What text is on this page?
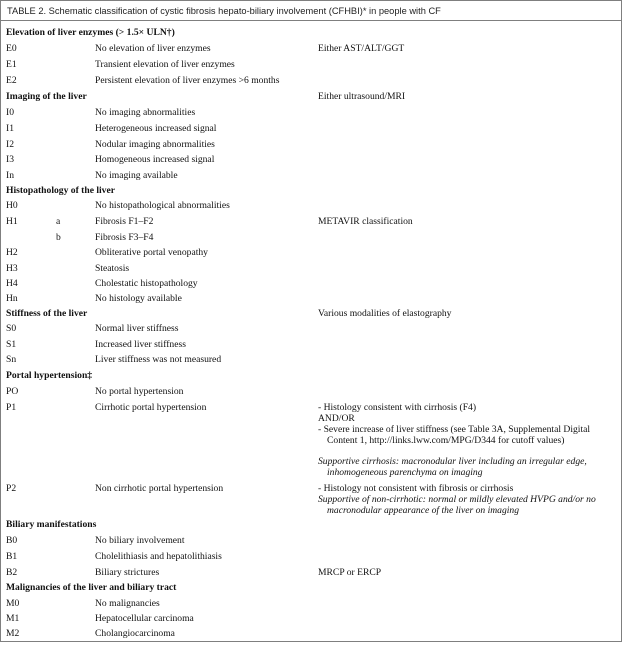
TABLE 2. Schematic classification of cystic fibrosis hepato-biliary involvement (CFHBI)* in people with CF
Elevation of liver enzymes (> 1.5× ULN†)
E0	No elevation of liver enzymes	Either AST/ALT/GGT
E1	Transient elevation of liver enzymes
E2	Persistent elevation of liver enzymes >6 months
Imaging of the liver	Either ultrasound/MRI
I0	No imaging abnormalities
I1	Heterogeneous increased signal
I2	Nodular imaging abnormalities
I3	Homogeneous increased signal
In	No imaging available
Histopathology of the liver
H0	No histopathological abnormalities
H1	a	Fibrosis F1–F2	METAVIR classification
b	Fibrosis F3–F4
H2	Obliterative portal venopathy
H3	Steatosis
H4	Cholestatic histopathology
Hn	No histology available
Stiffness of the liver	Various modalities of elastography
S0	Normal liver stiffness
S1	Increased liver stiffness
Sn	Liver stiffness was not measured
Portal hypertension‡
PO	No portal hypertension
P1	Cirrhotic portal hypertension	- Histology consistent with cirrhosis (F4)
AND/OR
- Severe increase of liver stiffness (see Table 3A, Supplemental Digital
Content 1, http://links.lww.com/MPG/D344 for cutoff values)
Supportive cirrhosis: macronodular liver including an irregular edge,
inhomogeneous parenchyma on imaging
P2	Non cirrhotic portal hypertension	- Histology not consistent with fibrosis or cirrhosis
Supportive of non-cirrhotic: normal or mildly elevated HVPG and/or no
macronodular appearance of the liver on imaging
Biliary manifestations
B0	No biliary involvement
B1	Cholelithiasis and hepatolithiasis
B2	Biliary strictures	MRCP or ERCP
Malignancies of the liver and biliary tract
M0	No malignancies
M1	Hepatocellular carcinoma
M2	Cholangiocarcinoma
